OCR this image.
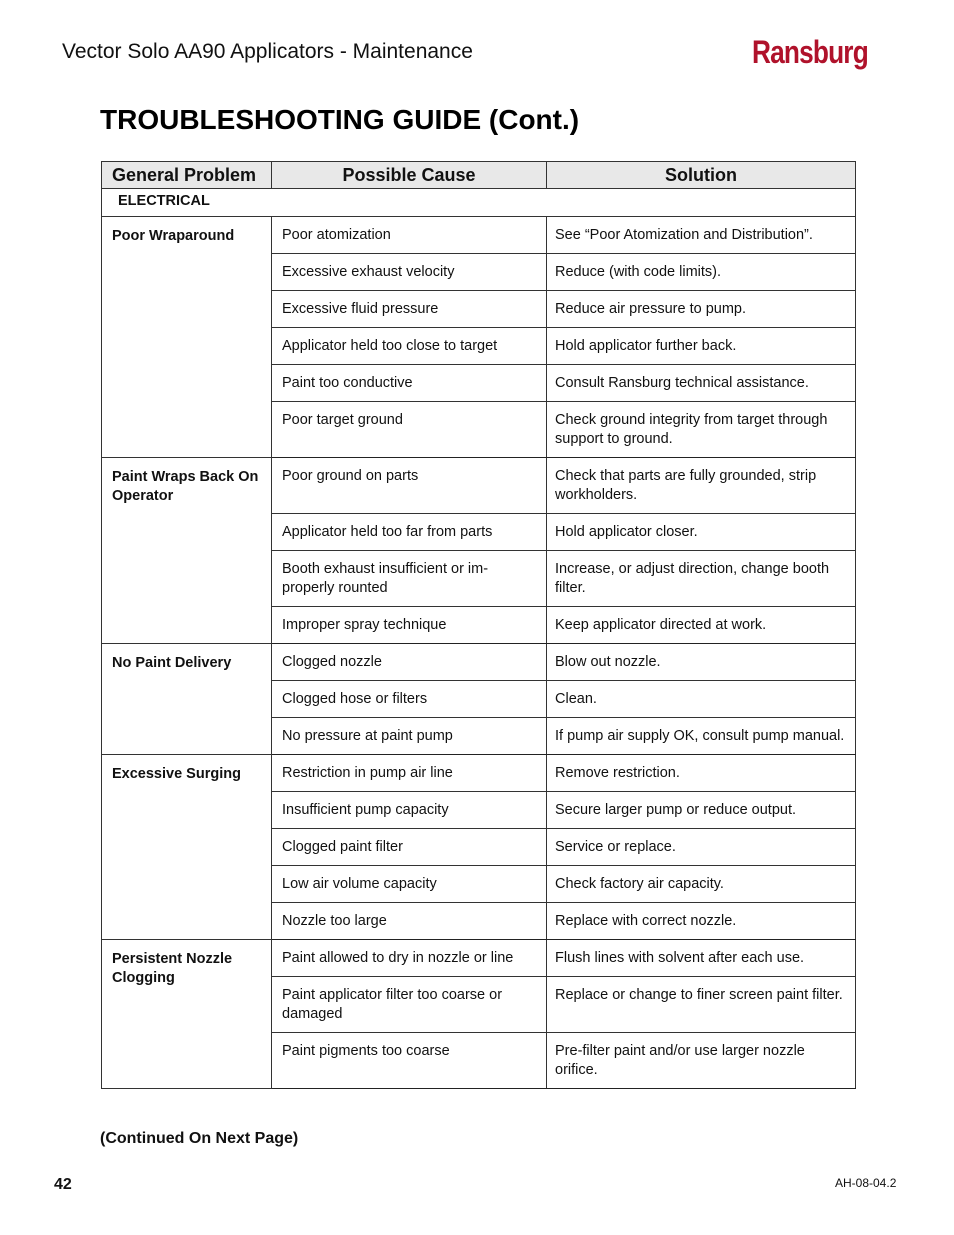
Vector Solo AA90 Applicators - Maintenance	Ransburg
TROUBLESHOOTING GUIDE (Cont.)
General Problem	Possible Cause	Solution
ELECTRICAL		
Poor Wraparound	Poor atomization	See “Poor Atomization and Distribution”.
	Excessive exhaust velocity	Reduce (with code limits).
	Excessive fluid pressure	Reduce air pressure to pump.
	Applicator held too close to target	Hold applicator further back.
	Paint too conductive	Consult Ransburg technical assistance.
	Poor target ground	Check ground integrity from target through support to ground.
Paint Wraps Back On Operator	Poor ground on parts	Check that parts are fully grounded, strip workholders.
	Applicator held too far from parts	Hold applicator closer.
	Booth exhaust insufficient or im-properly rounted	Increase, or adjust direction, change booth filter.
	Improper spray technique	Keep applicator directed at work.
No Paint Delivery	Clogged nozzle	Blow out nozzle.
	Clogged hose or filters	Clean.
	No pressure at paint pump	If pump air supply OK, consult pump manual.
Excessive Surging	Restriction in pump air line	Remove restriction.
	Insufficient pump capacity	Secure larger pump or reduce output.
	Clogged paint filter	Service or replace.
	Low air volume capacity	Check factory air capacity.
	Nozzle too large	Replace with correct nozzle.
Persistent Nozzle Clogging	Paint allowed to dry in nozzle or line	Flush lines with solvent after each use.
	Paint applicator filter too coarse or damaged	Replace or change to finer screen paint filter.
	Paint pigments too coarse	Pre-filter paint and/or use larger nozzle orifice.
(Continued On Next Page)
42	AH-08-04.2
